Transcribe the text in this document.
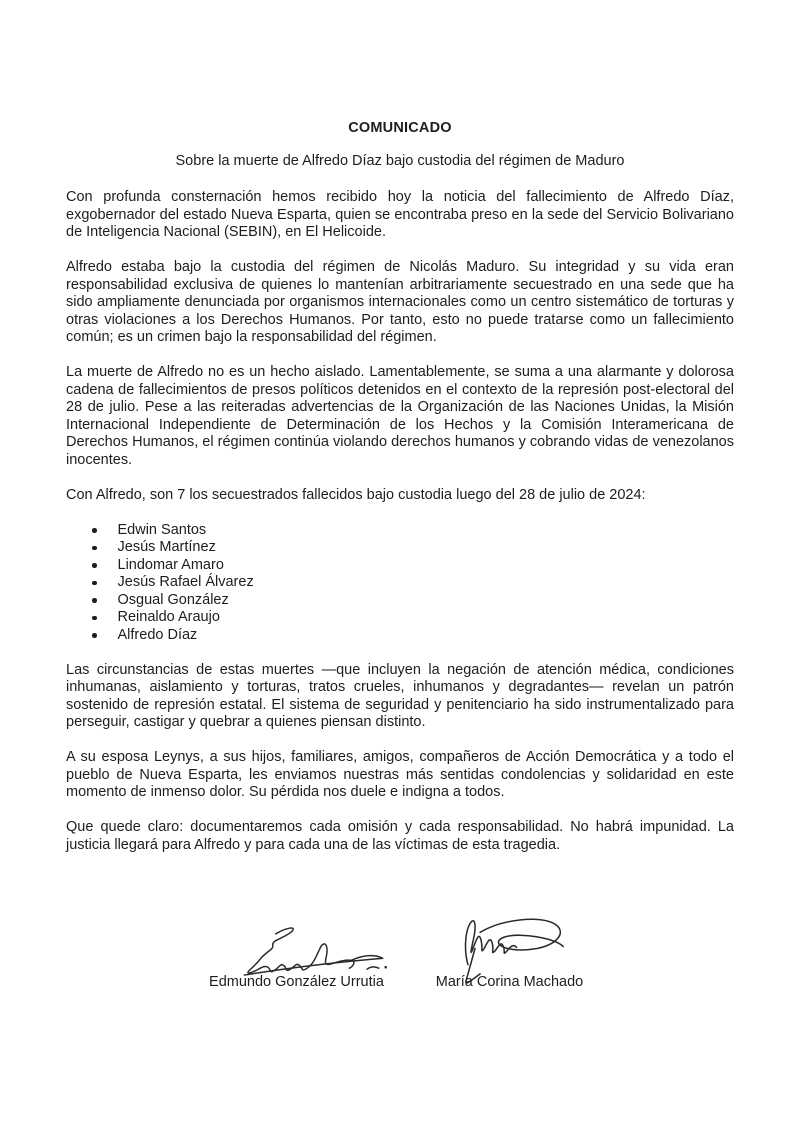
COMUNICADO

Sobre la muerte de Alfredo Díaz bajo custodia del régimen de Maduro

Con profunda consternación hemos recibido hoy la noticia del fallecimiento de Alfredo Díaz, exgobernador del estado Nueva Esparta, quien se encontraba preso en la sede del Servicio Bolivariano de Inteligencia Nacional (SEBIN), en El Helicoide.

Alfredo estaba bajo la custodia del régimen de Nicolás Maduro. Su integridad y su vida eran responsabilidad exclusiva de quienes lo mantenían arbitrariamente secuestrado en una sede que ha sido ampliamente denunciada por organismos internacionales como un centro sistemático de torturas y otras violaciones a los Derechos Humanos. Por tanto, esto no puede tratarse como un fallecimiento común; es un crimen bajo la responsabilidad del régimen.

La muerte de Alfredo no es un hecho aislado. Lamentablemente, se suma a una alarmante y dolorosa cadena de fallecimientos de presos políticos detenidos en el contexto de la represión post-electoral del 28 de julio. Pese a las reiteradas advertencias de la Organización de las Naciones Unidas, la Misión Internacional Independiente de Determinación de los Hechos y la Comisión Interamericana de Derechos Humanos, el régimen continúa violando derechos humanos y cobrando vidas de venezolanos inocentes.

Con Alfredo, son 7 los secuestrados fallecidos bajo custodia luego del 28 de julio de 2024:

Edwin Santos
Jesús Martínez
Lindomar Amaro
Jesús Rafael Álvarez
Osgual González
Reinaldo Araujo
Alfredo Díaz

Las circunstancias de estas muertes —que incluyen la negación de atención médica, condiciones inhumanas, aislamiento y torturas, tratos crueles, inhumanos y degradantes— revelan un patrón sostenido de represión estatal. El sistema de seguridad y penitenciario ha sido instrumentalizado para perseguir, castigar y quebrar a quienes piensan distinto.

A su esposa Leynys, a sus hijos, familiares, amigos, compañeros de Acción Democrática y a todo el pueblo de Nueva Esparta, les enviamos nuestras más sentidas condolencias y solidaridad en este momento de inmenso dolor. Su pérdida nos duele e indigna a todos.

Que quede claro: documentaremos cada omisión y cada responsabilidad. No habrá impunidad. La justicia llegará para Alfredo y para cada una de las víctimas de esta tragedia.

Edmundo González Urrutia	María Corina Machado
